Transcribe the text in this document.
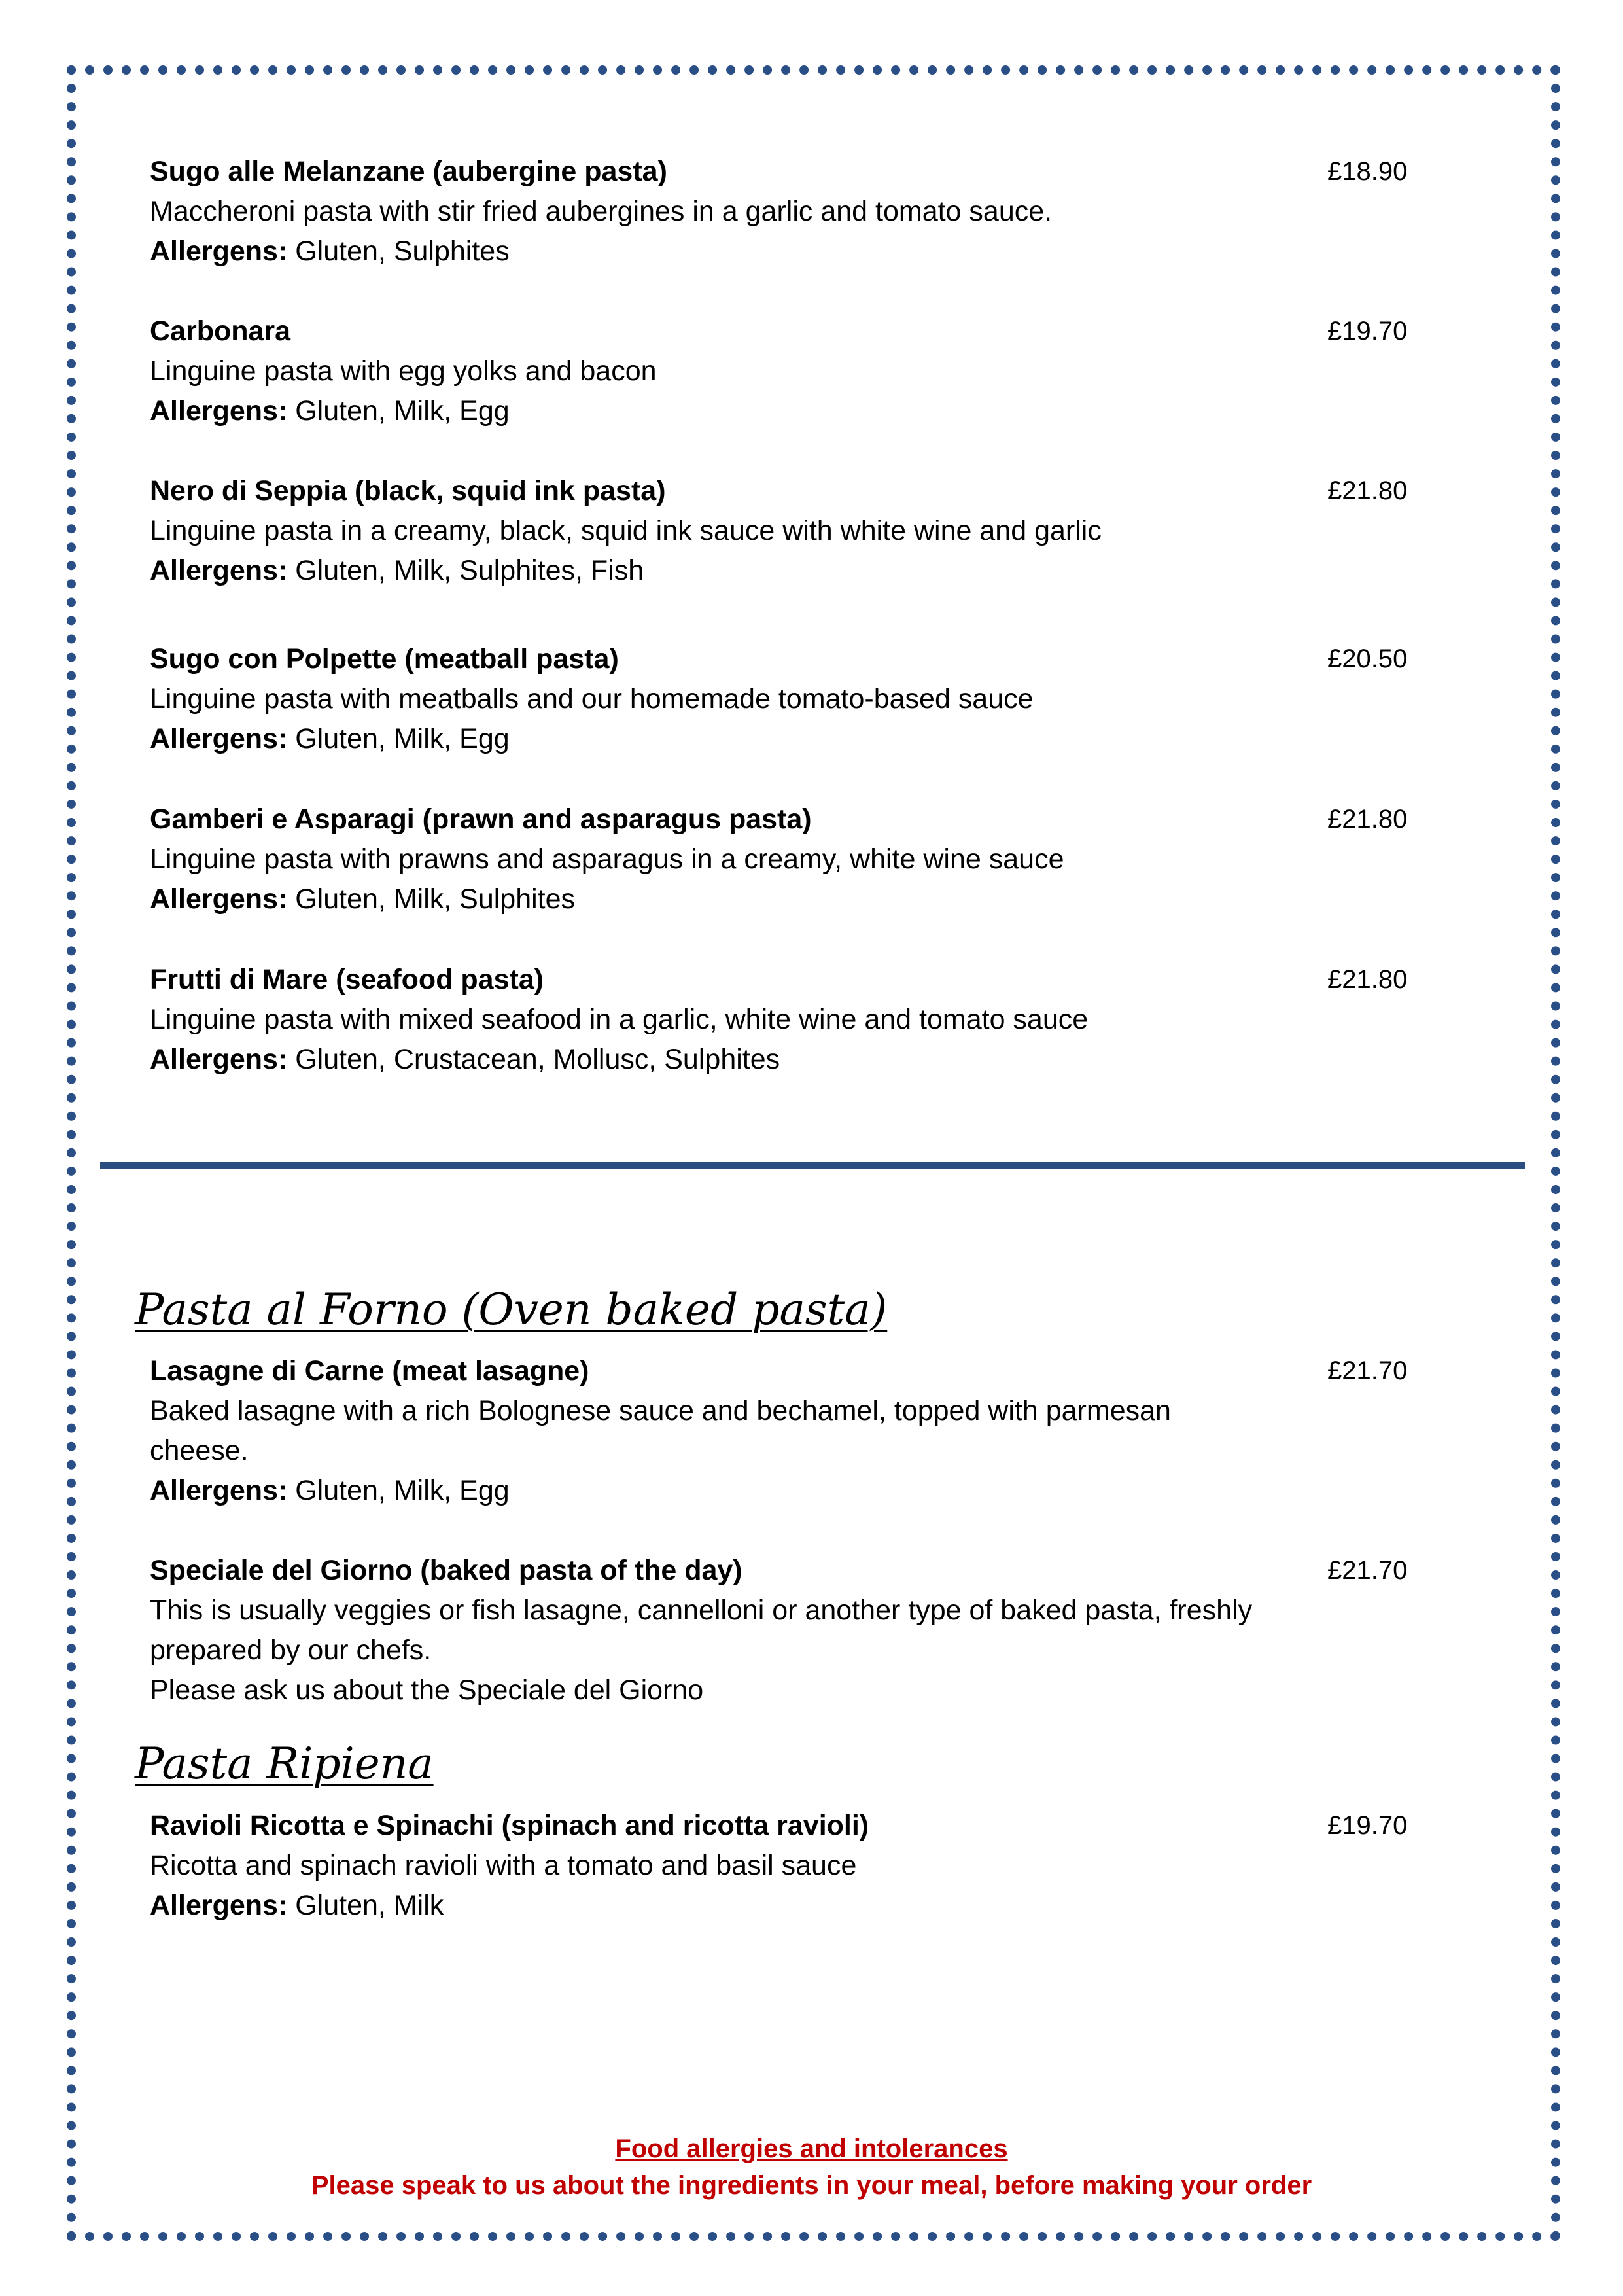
Sugo alle Melanzane (aubergine pasta)
Maccheroni pasta with stir fried aubergines in a garlic and tomato sauce.
Allergens: Gluten, Sulphites
£18.90
Carbonara
Linguine pasta with egg yolks and bacon
Allergens: Gluten, Milk, Egg
£19.70
Nero di Seppia (black, squid ink pasta)
Linguine pasta in a creamy, black, squid ink sauce with white wine and garlic
Allergens: Gluten, Milk, Sulphites, Fish
£21.80
Sugo con Polpette (meatball pasta)
Linguine pasta with meatballs and our homemade tomato-based sauce
Allergens: Gluten, Milk, Egg
£20.50
Gamberi e Asparagi (prawn and asparagus pasta)
Linguine pasta with prawns and asparagus in a creamy, white wine sauce
Allergens: Gluten, Milk, Sulphites
£21.80
Frutti di Mare (seafood pasta)
Linguine pasta with mixed seafood in a garlic, white wine and tomato sauce
Allergens: Gluten, Crustacean, Mollusc, Sulphites
£21.80
Pasta al Forno (Oven baked pasta)
Lasagne di Carne (meat lasagne)
Baked lasagne with a rich Bolognese sauce and bechamel, topped with parmesan cheese.
Allergens: Gluten, Milk, Egg
£21.70
Speciale del Giorno (baked pasta of the day)
This is usually veggies or fish lasagne, cannelloni or another type of baked pasta, freshly prepared by our chefs.
Please ask us about the Speciale del Giorno
£21.70
Pasta Ripiena
Ravioli Ricotta e Spinachi (spinach and ricotta ravioli)
Ricotta and spinach ravioli with a tomato and basil sauce
Allergens: Gluten, Milk
£19.70
Food allergies and intolerances
Please speak to us about the ingredients in your meal, before making your order
